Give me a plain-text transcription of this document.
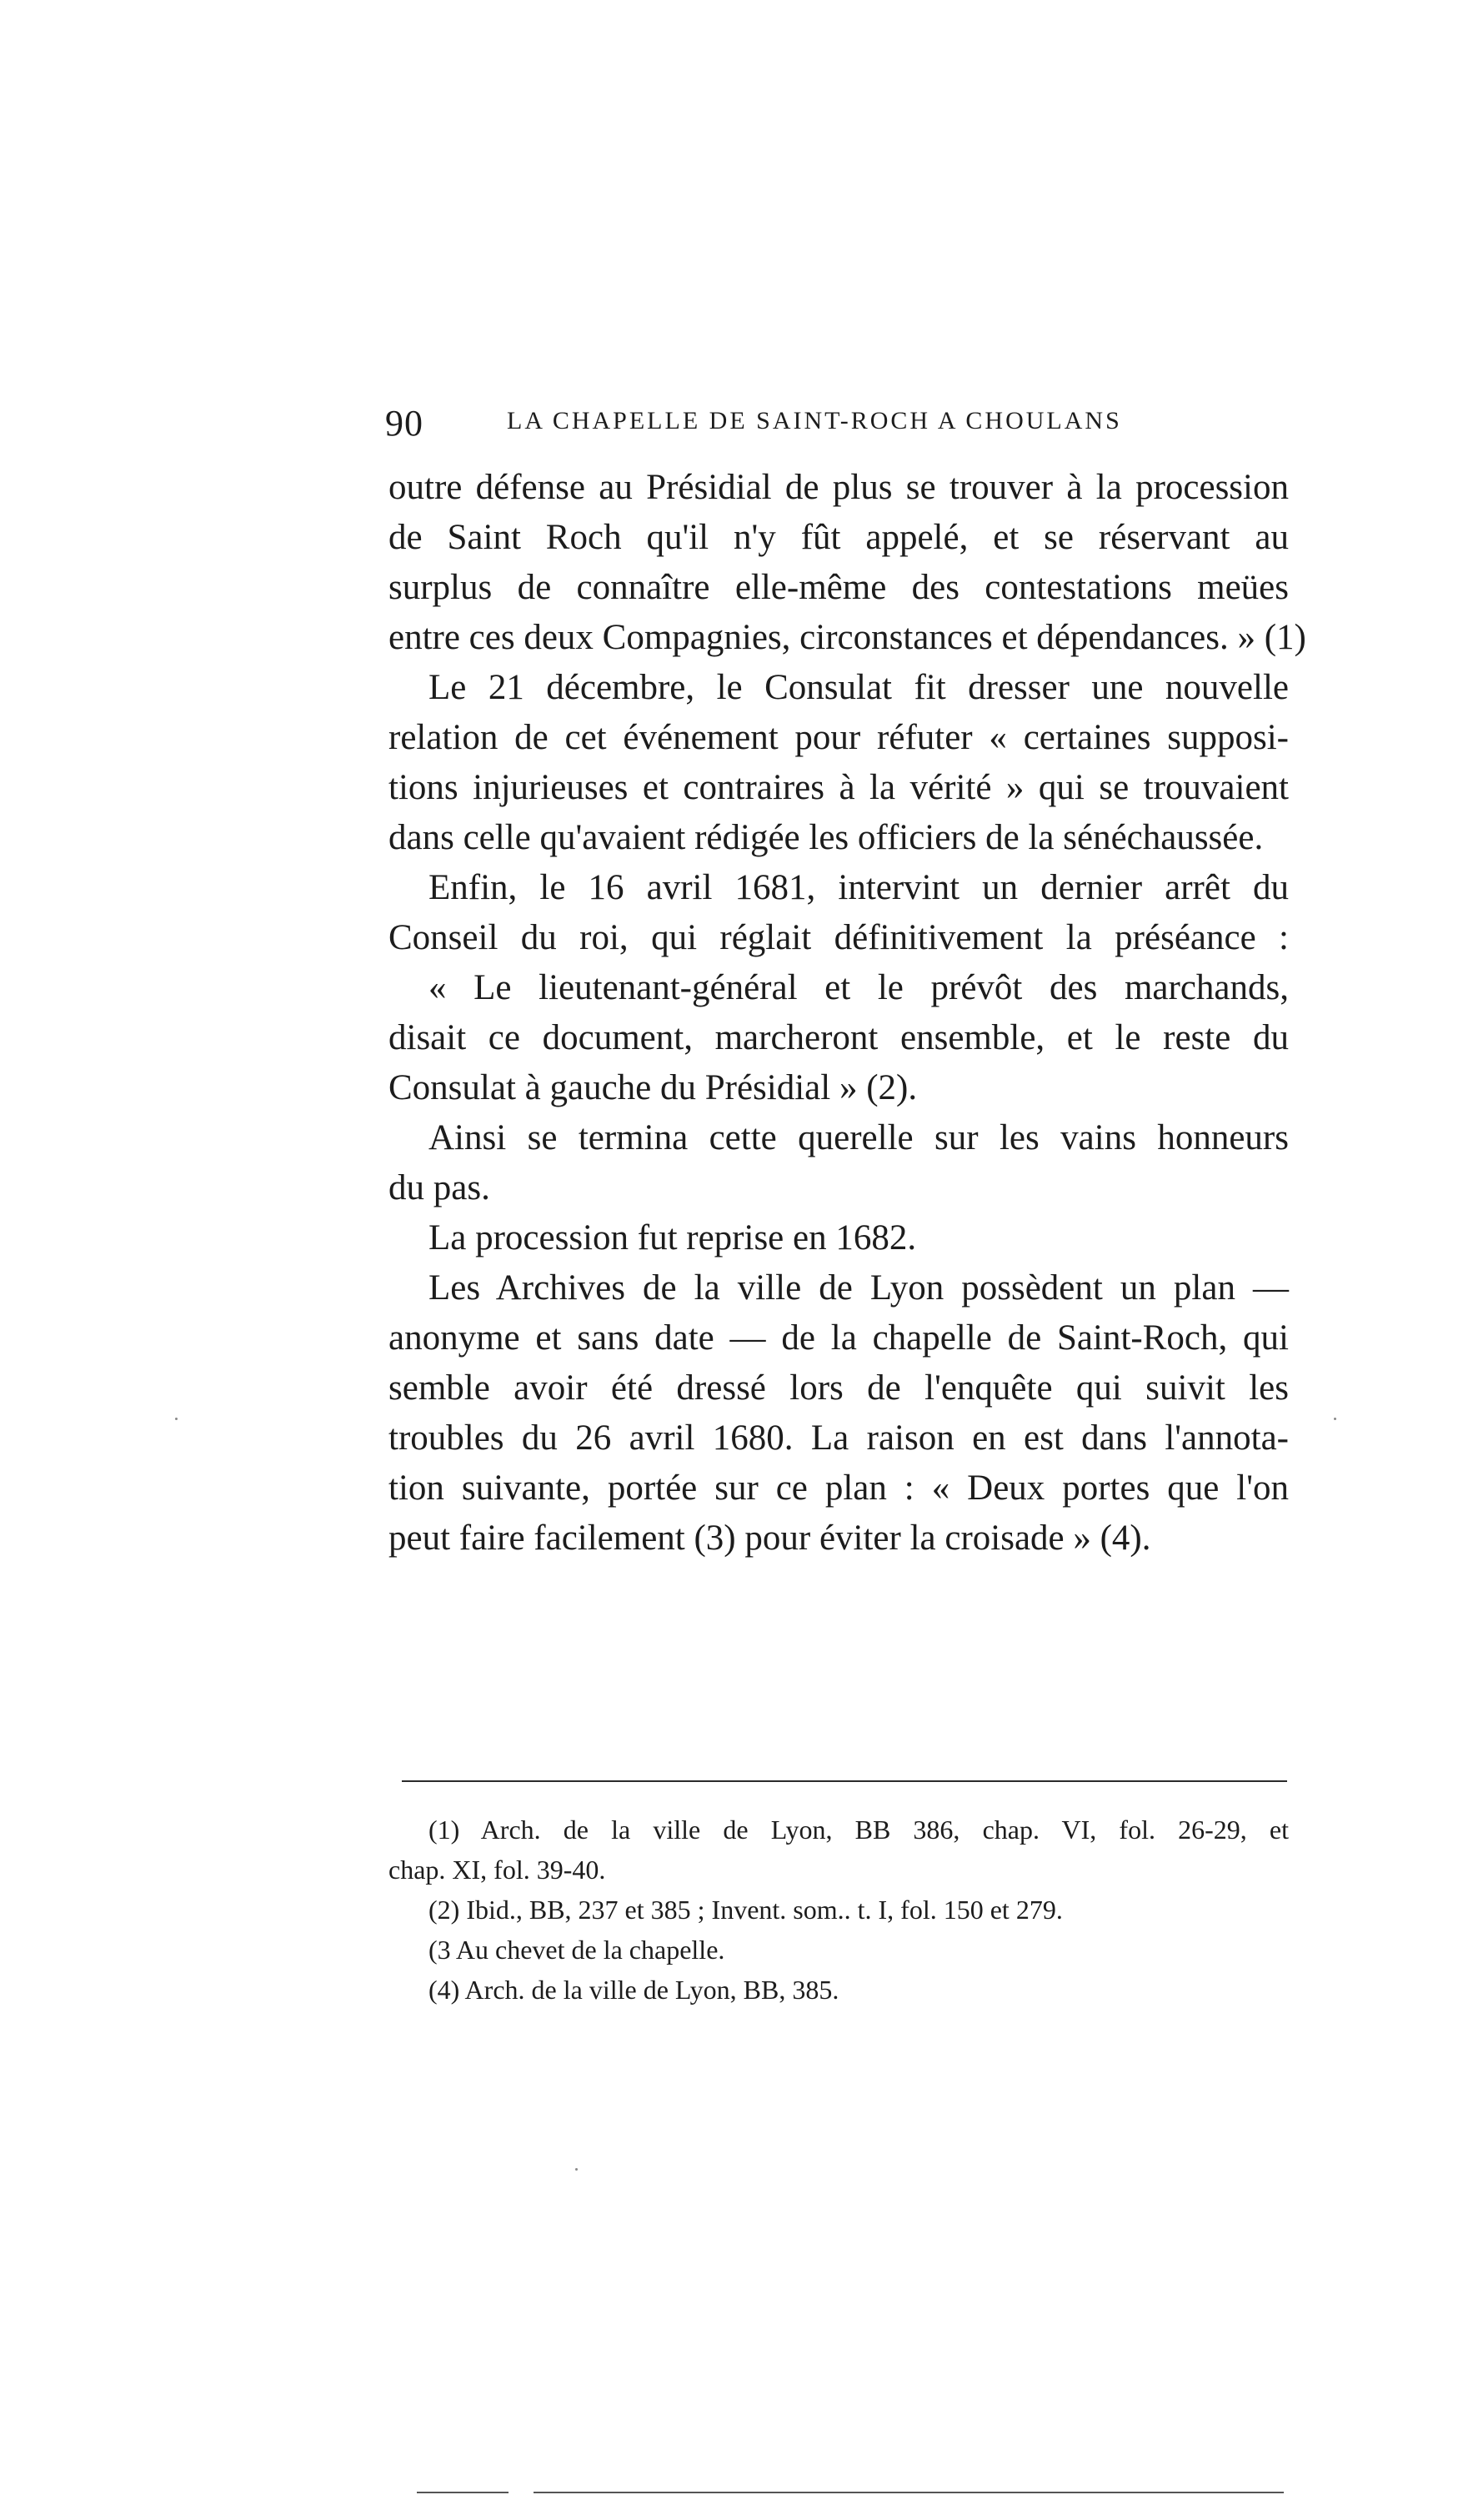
90	LA CHAPELLE DE SAINT-ROCH A CHOULANS
outre défense au Présidial de plus se trouver à la procession
de Saint Roch qu'il n'y fût appelé, et se réservant au
surplus de connaître elle-même des contestations meües
entre ces deux Compagnies, circonstances et dépendances. » (1)
Le 21 décembre, le Consulat fit dresser une nouvelle
relation de cet événement pour réfuter « certaines supposi-
tions injurieuses et contraires à la vérité » qui se trouvaient
dans celle qu'avaient rédigée les officiers de la sénéchaussée.
Enfin, le 16 avril 1681, intervint un dernier arrêt du
Conseil du roi, qui réglait définitivement la préséance :
« Le lieutenant-général et le prévôt des marchands,
disait ce document, marcheront ensemble, et le reste du
Consulat à gauche du Présidial » (2).
Ainsi se termina cette querelle sur les vains honneurs
du pas.
La procession fut reprise en 1682.
Les Archives de la ville de Lyon possèdent un plan —
anonyme et sans date — de la chapelle de Saint-Roch, qui
semble avoir été dressé lors de l'enquête qui suivit les
troubles du 26 avril 1680. La raison en est dans l'annota-
tion suivante, portée sur ce plan : « Deux portes que l'on
peut faire facilement (3) pour éviter la croisade » (4).
(1) Arch. de la ville de Lyon, BB 386, chap. VI, fol. 26-29, et
chap. XI, fol. 39-40.
(2) Ibid., BB, 237 et 385 ; Invent. som.. t. I, fol. 150 et 279.
(3 Au chevet de la chapelle.
(4) Arch. de la ville de Lyon, BB, 385.
